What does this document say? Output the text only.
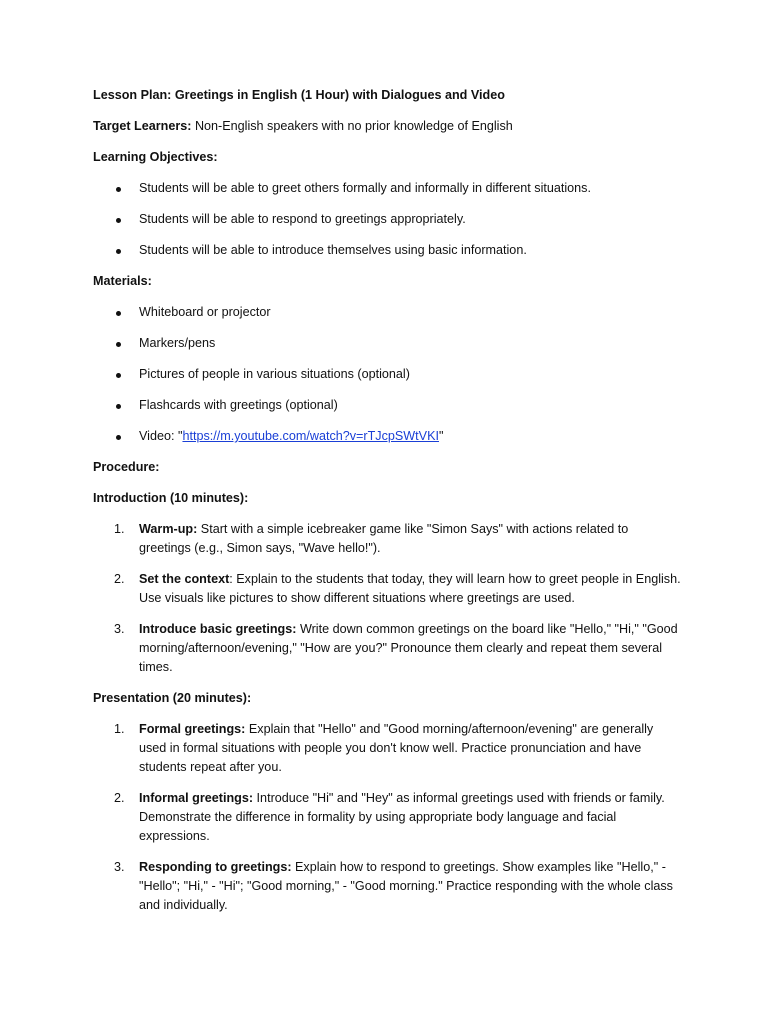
Lesson Plan: Greetings in English (1 Hour) with Dialogues and Video

Target Learners: Non-English speakers with no prior knowledge of English

Learning Objectives:

Students will be able to greet others formally and informally in different situations.
Students will be able to respond to greetings appropriately.
Students will be able to introduce themselves using basic information.

Materials:

Whiteboard or projector
Markers/pens
Pictures of people in various situations (optional)
Flashcards with greetings (optional)
Video: "https://m.youtube.com/watch?v=rTJcpSWtVKI"

Procedure:

Introduction (10 minutes):

1. Warm-up: Start with a simple icebreaker game like "Simon Says" with actions related to greetings (e.g., Simon says, "Wave hello!").
2. Set the context: Explain to the students that today, they will learn how to greet people in English. Use visuals like pictures to show different situations where greetings are used.
3. Introduce basic greetings: Write down common greetings on the board like "Hello," "Hi," "Good morning/afternoon/evening," "How are you?" Pronounce them clearly and repeat them several times.

Presentation (20 minutes):

1. Formal greetings: Explain that "Hello" and "Good morning/afternoon/evening" are generally used in formal situations with people you don't know well. Practice pronunciation and have students repeat after you.
2. Informal greetings: Introduce "Hi" and "Hey" as informal greetings used with friends or family. Demonstrate the difference in formality by using appropriate body language and facial expressions.
3. Responding to greetings: Explain how to respond to greetings. Show examples like "Hello," - "Hello"; "Hi," - "Hi"; "Good morning," - "Good morning." Practice responding with the whole class and individually.
